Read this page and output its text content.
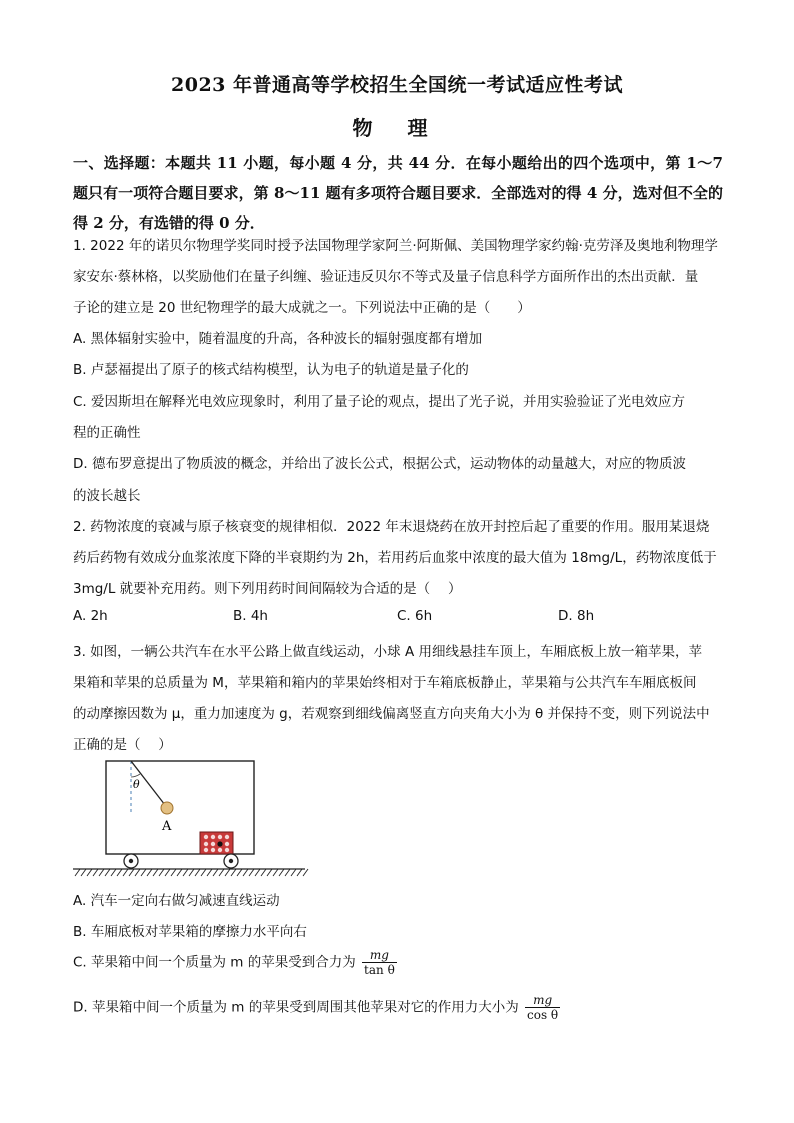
2023 年普通高等学校招生全国统一考试适应性考试
物 理
一、选择题：本题共 11 小题，每小题 4 分，共 44 分．在每小题给出的四个选项中，第 1～7 题只有一项符合题目要求，第 8～11 题有多项符合题目要求．全部选对的得 4 分，选对但不全的得 2 分，有选错的得 0 分．
1. 2022 年的诺贝尔物理学奖同时授予法国物理学家阿兰·阿斯佩、美国物理学家约翰·克劳泽及奥地利物理学
家安东·蔡林格，以奖励他们在量子纠缠、验证违反贝尔不等式及量子信息科学方面所作出的杰出贡献．量
子论的建立是 20 世纪物理学的最大成就之一。下列说法中正确的是（　　）
A. 黑体辐射实验中，随着温度的升高，各种波长的辐射强度都有增加
B. 卢瑟福提出了原子的核式结构模型，认为电子的轨道是量子化的
C. 爱因斯坦在解释光电效应现象时，利用了量子论的观点，提出了光子说，并用实验验证了光电效应方
程的正确性
D. 德布罗意提出了物质波的概念，并给出了波长公式，根据公式，运动物体的动量越大，对应的物质波
的波长越长
2. 药物浓度的衰减与原子核衰变的规律相似．2022 年末退烧药在放开封控后起了重要的作用。服用某退烧
药后药物有效成分血浆浓度下降的半衰期约为 2h，若用药后血浆中浓度的最大值为 18mg/L，药物浓度低于
3mg/L 就要补充用药。则下列用药时间间隔较为合适的是（　 ）
A. 2h	B. 4h	C. 6h	D. 8h
3. 如图，一辆公共汽车在水平公路上做直线运动，小球 A 用细线悬挂车顶上，车厢底板上放一箱苹果，苹
果箱和苹果的总质量为 M，苹果箱和箱内的苹果始终相对于车箱底板静止，苹果箱与公共汽车车厢底板间
的动摩擦因数为 μ，重力加速度为 g，若观察到细线偏离竖直方向夹角大小为 θ 并保持不变，则下列说法中
正确的是（　 ）
θ
A
A. 汽车一定向右做匀减速直线运动
B. 车厢底板对苹果箱的摩擦力水平向右
C. 苹果箱中间一个质量为 m 的苹果受到合力为 $\frac{mg}{\text{tan θ}}$
D. 苹果箱中间一个质量为 m 的苹果受到周围其他苹果对它的作用力大小为 $\frac{mg}{\text{cos θ}}$
